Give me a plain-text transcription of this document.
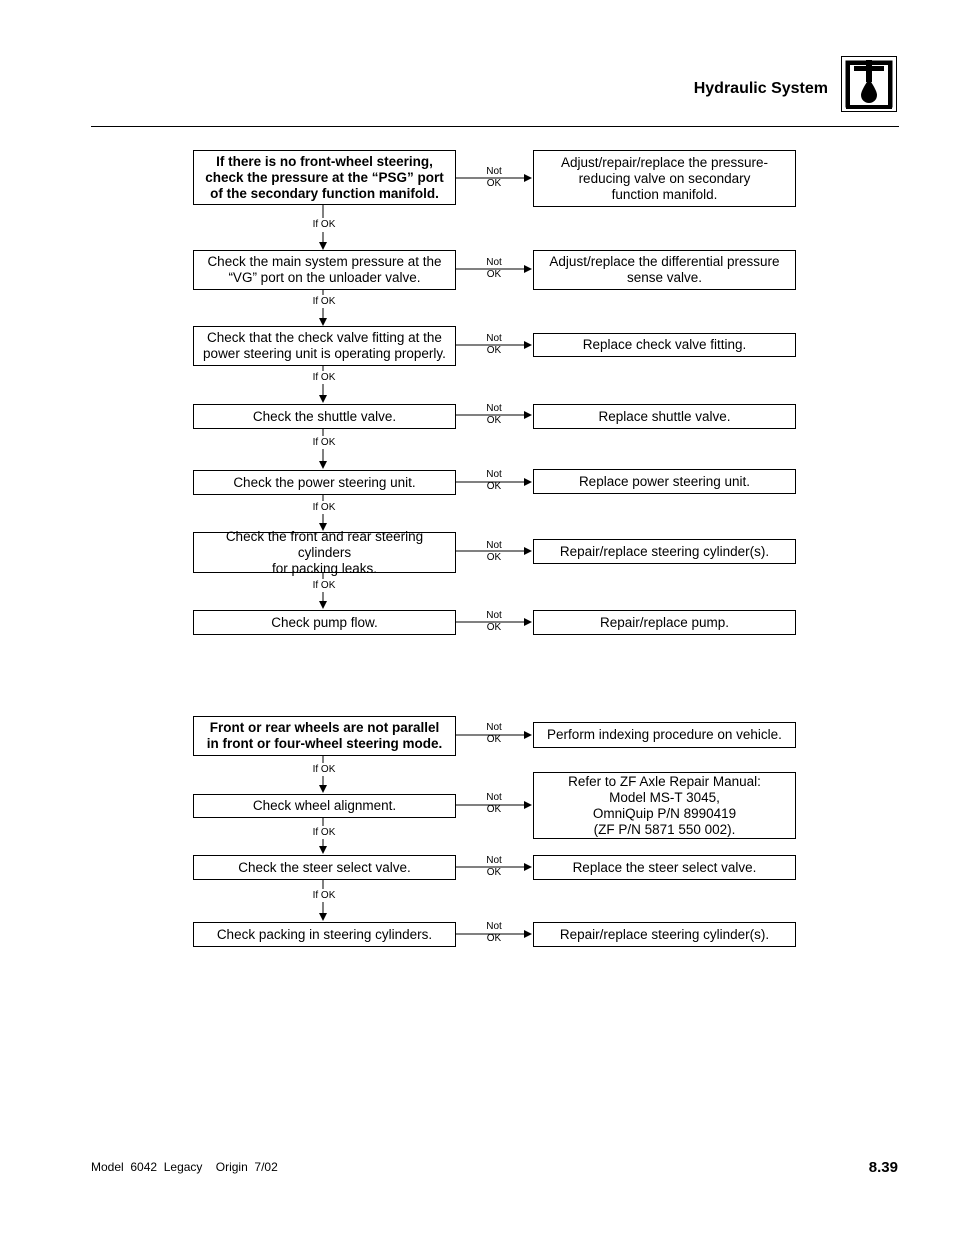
Hydraulic System
If there is no front-wheel steering,
check the pressure at the “PSG” port
of the secondary function manifold.
Adjust/repair/replace the pressure-
reducing valve on secondary
function manifold.
Not
OK
If OK
Check the main system pressure at the
“VG” port on the unloader valve.
Adjust/replace the differential pressure
sense valve.
Not
OK
If OK
Check that the check valve fitting at the
power steering unit is operating properly.
Replace check valve fitting.
Not
OK
If OK
Check the shuttle valve.	Replace shuttle valve.
Not
OK
If OK
Check the power steering unit.	Replace power steering unit.
Not
OK
If OK
Check the front and rear steering cylinders
for packing leaks.
Repair/replace steering cylinder(s).
Not
OK
If OK
Check pump flow.	Repair/replace pump.
Not
OK
Front or rear wheels are not parallel
in front or four-wheel steering mode.
Perform indexing procedure on vehicle.
Not
OK
If OK
Check wheel alignment.
Refer to ZF Axle Repair Manual:
Model MS-T 3045,
OmniQuip P/N 8990419
(ZF P/N 5871 550 002).
Not
OK
If OK
Check the steer select valve.	Replace the steer select valve.
Not
OK
If OK
Check packing in steering cylinders.	Repair/replace steering cylinder(s).
Not
OK
Model  6042  Legacy    Origin  7/02	8.39
